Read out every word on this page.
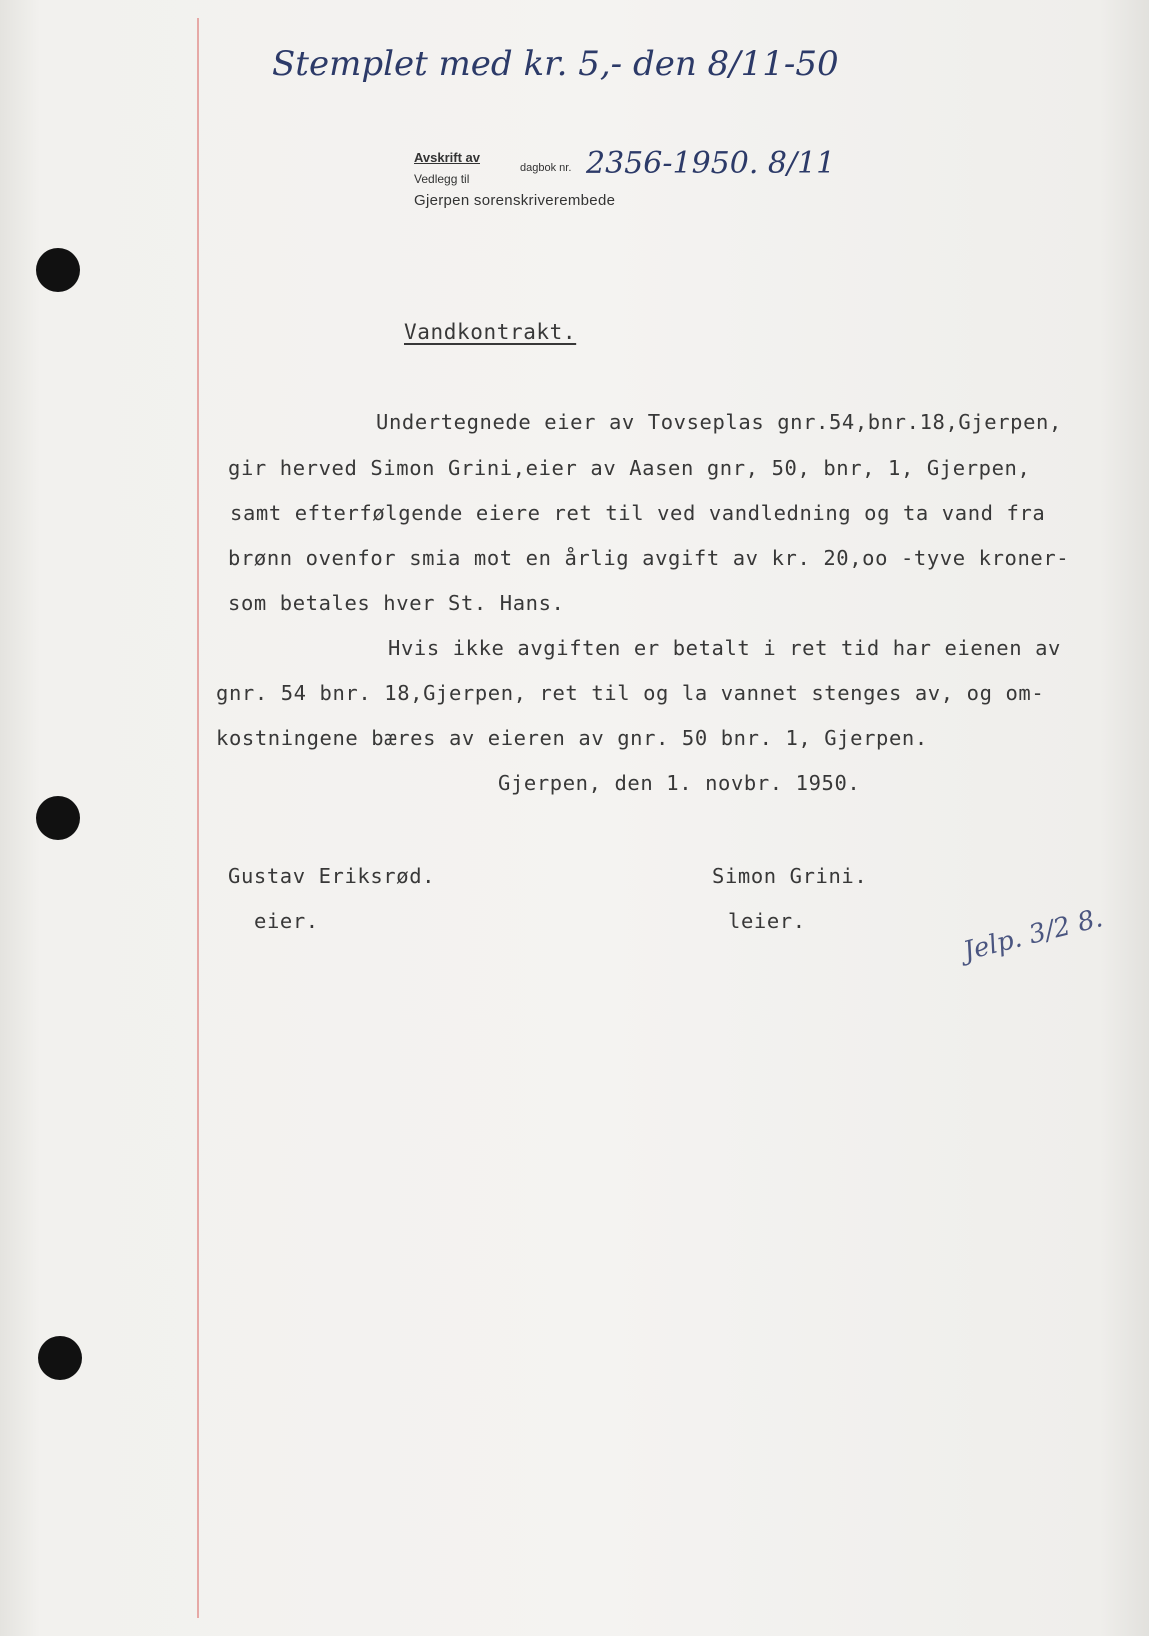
Stemplet med kr. 5,- den 8/11-50
Avskrift av
dagbok nr.
Vedlegg til	2356-1950. 8/11
Gjerpen sorenskriverembede
Vandkontrakt.
Undertegnede eier av Tovseplas gnr.54,bnr.18,Gjerpen,
gir herved Simon Grini,eier av Aasen gnr, 50, bnr, 1, Gjerpen,
samt efterfølgende eiere ret til ved vandledning og ta vand fra
brønn ovenfor smia mot en årlig avgift av kr. 20,oo -tyve kroner-
som betales hver St. Hans.
Hvis ikke avgiften er betalt i ret tid har eienen av
gnr. 54 bnr. 18,Gjerpen, ret til og la vannet stenges av, og om-
kostningene bæres av eieren av gnr. 50 bnr. 1, Gjerpen.
Gjerpen, den 1. novbr. 1950.
Gustav Eriksrød.
eier.
Simon Grini.
leier.	Jelp. 3/2 8.
